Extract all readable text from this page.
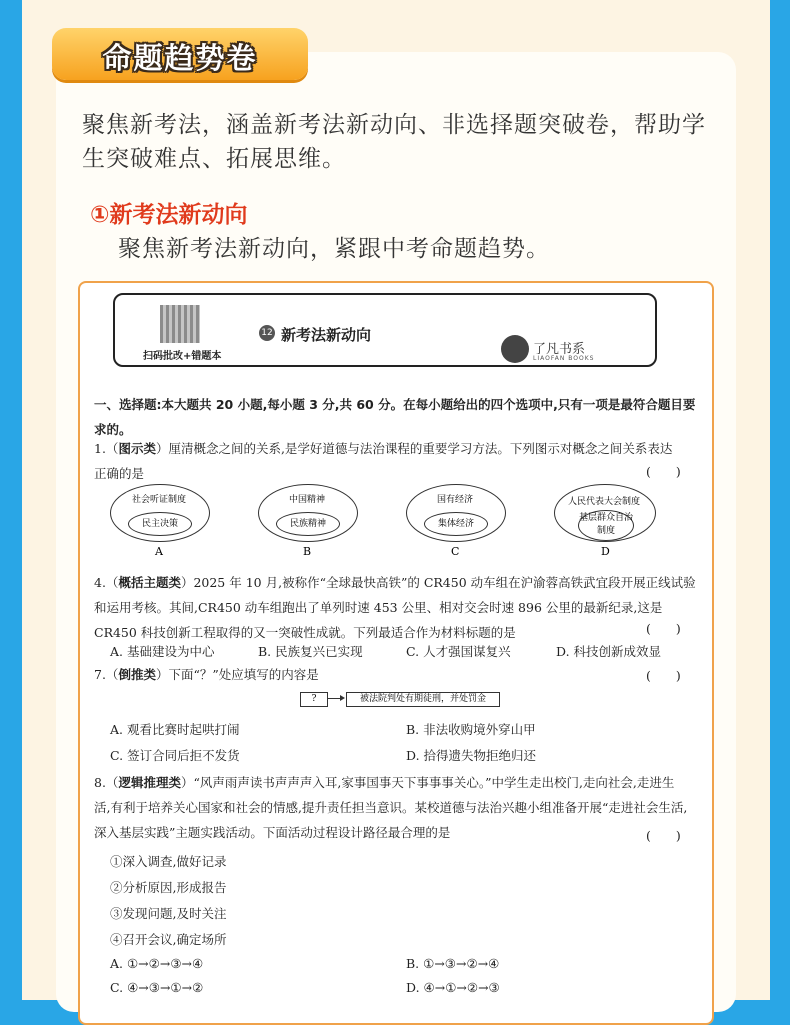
命题趋势卷
聚焦新考法，涵盖新考法新动向、非选择题突破卷，帮助学生突破难点、拓展思维。
①新考法新动向
聚焦新考法新动向，紧跟中考命题趋势。
扫码批改+错题本
12 新考法新动向
了凡书系
LIAOFAN BOOKS
一、选择题:本大题共 20 小题,每小题 3 分,共 60 分。在每小题给出的四个选项中,只有一项是最符合题目要求的。
1.（图示类）厘清概念之间的关系,是学好道德与法治课程的重要学习方法。下列图示对概念之间关系表达正确的是	(　　)
社会听证制度
民主决策
A
中国精神
民族精神
B
国有经济
集体经济
C
人民代表大会制度
基层群众自治制度
D
4.（概括主题类）2025 年 10 月,被称作“全球最快高铁”的 CR450 动车组在沪渝蓉高铁武宜段开展正线试验和运用考核。其间,CR450 动车组跑出了单列时速 453 公里、相对交会时速 896 公里的最新纪录,这是 CR450 科技创新工程取得的又一突破性成就。下列最适合作为材料标题的是	(　　)
A. 基础建设为中心	B. 民族复兴已实现	C. 人才强国谋复兴	D. 科技创新成效显
7.（倒推类）下面“？”处应填写的内容是	(　　)
?	被法院判处有期徒刑，并处罚金
A. 观看比赛时起哄打闹	B. 非法收购境外穿山甲
C. 签订合同后拒不发货	D. 拾得遗失物拒绝归还
8.（逻辑推理类）“风声雨声读书声声声入耳,家事国事天下事事事关心。”中学生走出校门,走向社会,走进生活,有利于培养关心国家和社会的情感,提升责任担当意识。某校道德与法治兴趣小组准备开展“走进社会生活,深入基层实践”主题实践活动。下面活动过程设计路径最合理的是	(　　)
①深入调查,做好记录
②分析原因,形成报告
③发现问题,及时关注
④召开会议,确定场所
A. ①→②→③→④	B. ①→③→②→④
C. ④→③→①→②	D. ④→①→②→③
